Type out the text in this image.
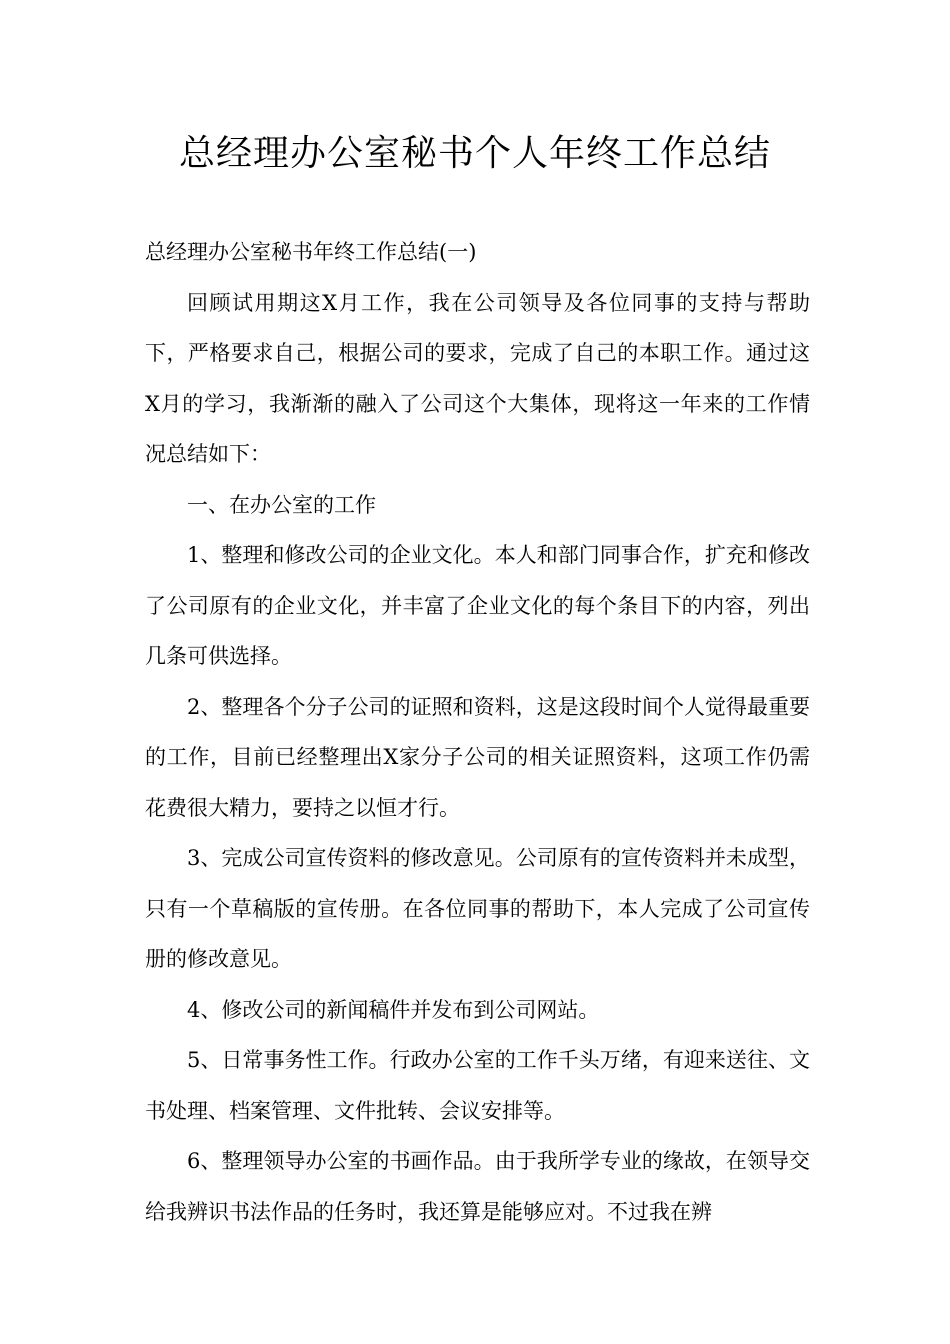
总经理办公室秘书个人年终工作总结

总经理办公室秘书年终工作总结(一)

回顾试用期这X月工作，我在公司领导及各位同事的支持与帮助下，严格要求自己，根据公司的要求，完成了自己的本职工作。通过这X月的学习，我渐渐的融入了公司这个大集体，现将这一年来的工作情况总结如下：

一、在办公室的工作

1、整理和修改公司的企业文化。本人和部门同事合作，扩充和修改了公司原有的企业文化，并丰富了企业文化的每个条目下的内容，列出几条可供选择。

2、整理各个分子公司的证照和资料，这是这段时间个人觉得最重要的工作，目前已经整理出X家分子公司的相关证照资料，这项工作仍需花费很大精力，要持之以恒才行。

3、完成公司宣传资料的修改意见。公司原有的宣传资料并未成型，只有一个草稿版的宣传册。在各位同事的帮助下，本人完成了公司宣传册的修改意见。

4、修改公司的新闻稿件并发布到公司网站。

5、日常事务性工作。行政办公室的工作千头万绪，有迎来送往、文书处理、档案管理、文件批转、会议安排等。

6、整理领导办公室的书画作品。由于我所学专业的缘故，在领导交给我辨识书法作品的任务时，我还算是能够应对。不过我在辨
